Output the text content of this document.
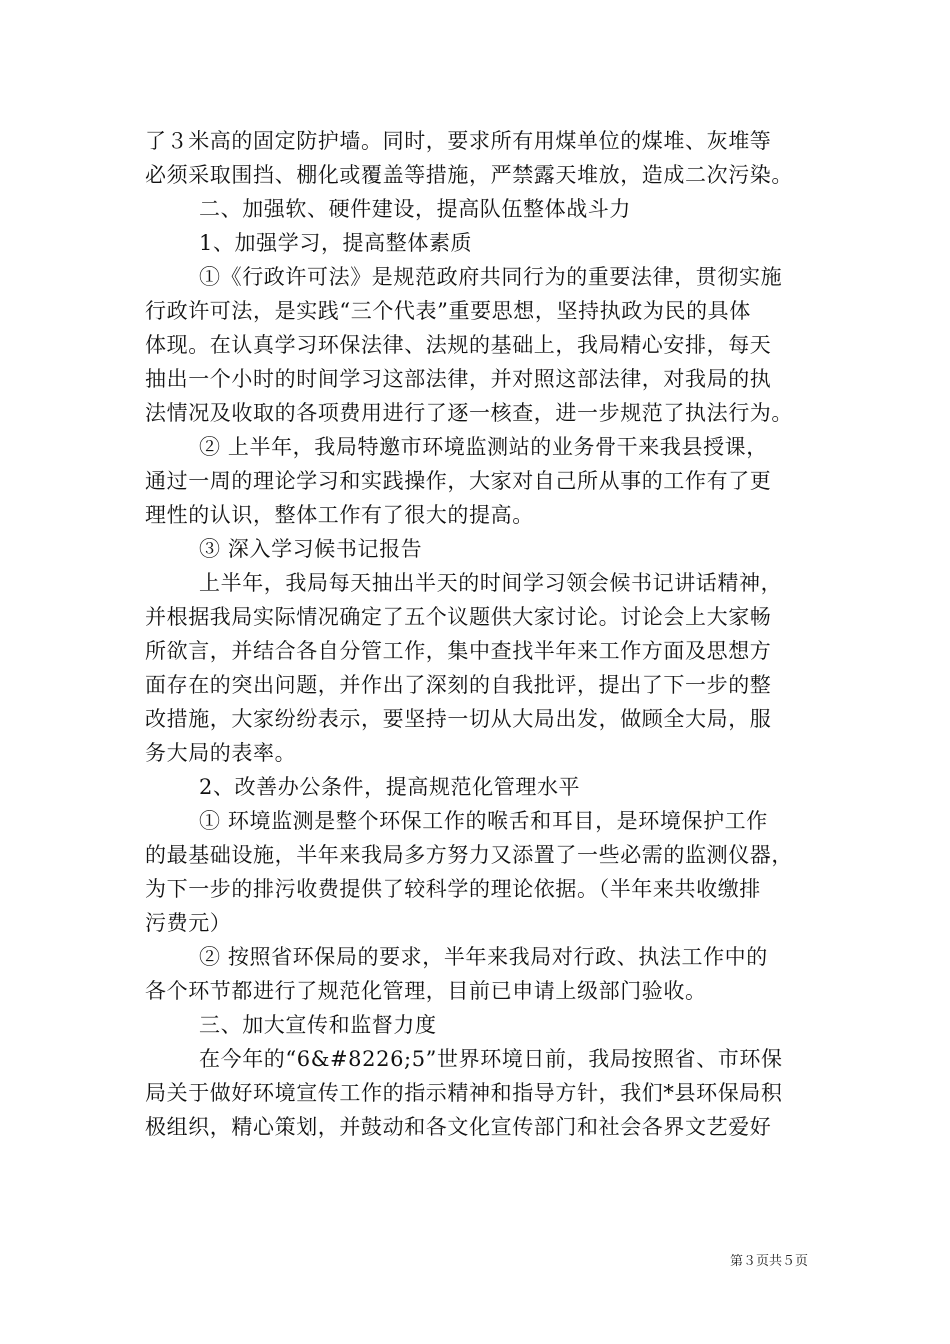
了３米高的固定防护墙。同时，要求所有用煤单位的煤堆、灰堆等
必须采取围挡、棚化或覆盖等措施，严禁露天堆放，造成二次污染。
二、加强软、硬件建设，提高队伍整体战斗力
1、加强学习，提高整体素质
①《行政许可法》是规范政府共同行为的重要法律，贯彻实施
行政许可法，是实践“三个代表”重要思想，坚持执政为民的具体
体现。在认真学习环保法律、法规的基础上，我局精心安排，每天
抽出一个小时的时间学习这部法律，并对照这部法律，对我局的执
法情况及收取的各项费用进行了逐一核查，进一步规范了执法行为。
② 上半年，我局特邀市环境监测站的业务骨干来我县授课，
通过一周的理论学习和实践操作，大家对自己所从事的工作有了更
理性的认识，整体工作有了很大的提高。
③ 深入学习候书记报告
上半年，我局每天抽出半天的时间学习领会候书记讲话精神，
并根据我局实际情况确定了五个议题供大家讨论。讨论会上大家畅
所欲言，并结合各自分管工作，集中查找半年来工作方面及思想方
面存在的突出问题，并作出了深刻的自我批评，提出了下一步的整
改措施，大家纷纷表示，要坚持一切从大局出发，做顾全大局，服
务大局的表率。
2、改善办公条件，提高规范化管理水平
① 环境监测是整个环保工作的喉舌和耳目，是环境保护工作
的最基础设施，半年来我局多方努力又添置了一些必需的监测仪器，
为下一步的排污收费提供了较科学的理论依据。（半年来共收缴排
污费元）
② 按照省环保局的要求，半年来我局对行政、执法工作中的
各个环节都进行了规范化管理，目前已申请上级部门验收。
三、加大宣传和监督力度
在今年的“6&#8226;5”世界环境日前，我局按照省、市环保
局关于做好环境宣传工作的指示精神和指导方针，我们*县环保局积
极组织，精心策划，并鼓动和各文化宣传部门和社会各界文艺爱好
第３页共５页
